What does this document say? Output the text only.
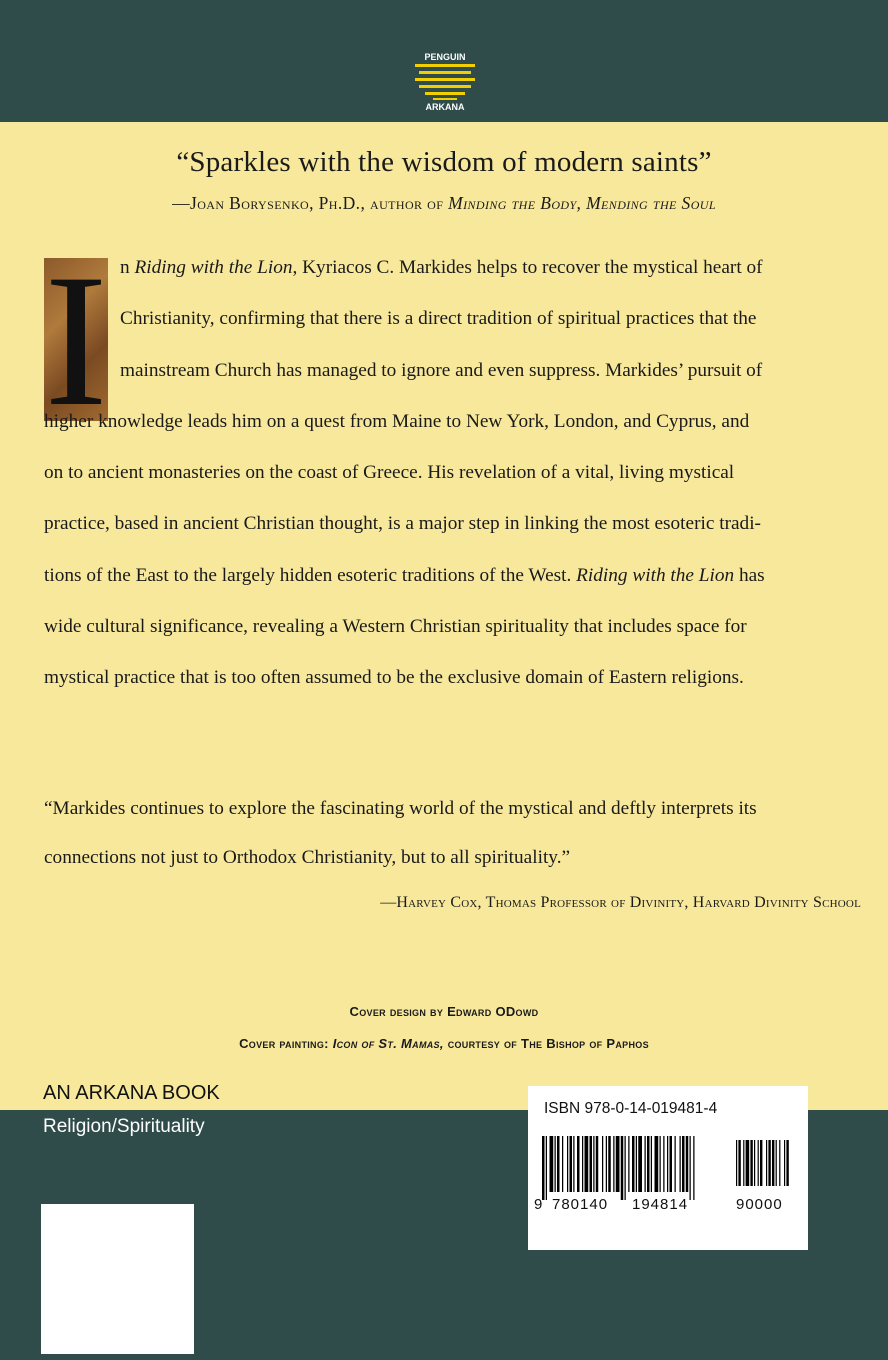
PENGUIN
ARKANA
“Sparkles with the wisdom of modern saints”
—Joan Borysenko, Ph.D., author of Minding the Body, Mending the Soul
I n Riding with the Lion, Kyriacos C. Markides helps to recover the mystical heart of
Christianity, confirming that there is a direct tradition of spiritual practices that the
mainstream Church has managed to ignore and even suppress. Markides’ pursuit of
higher knowledge leads him on a quest from Maine to New York, London, and Cyprus, and
on to ancient monasteries on the coast of Greece. His revelation of a vital, living mystical
practice, based in ancient Christian thought, is a major step in linking the most esoteric tradi-
tions of the East to the largely hidden esoteric traditions of the West. Riding with the Lion has
wide cultural significance, revealing a Western Christian spirituality that includes space for
mystical practice that is too often assumed to be the exclusive domain of Eastern religions.
“Markides continues to explore the fascinating world of the mystical and deftly interprets its
connections not just to Orthodox Christianity, but to all spirituality.”
—Harvey Cox, Thomas Professor of Divinity, Harvard Divinity School
Cover design by Edward ODowd
Cover painting: Icon of St. Mamas, courtesy of The Bishop of Paphos
AN ARKANA BOOK
Religion/Spirituality
ISBN 978-0-14-019481-4
9 780140 194814	90000
